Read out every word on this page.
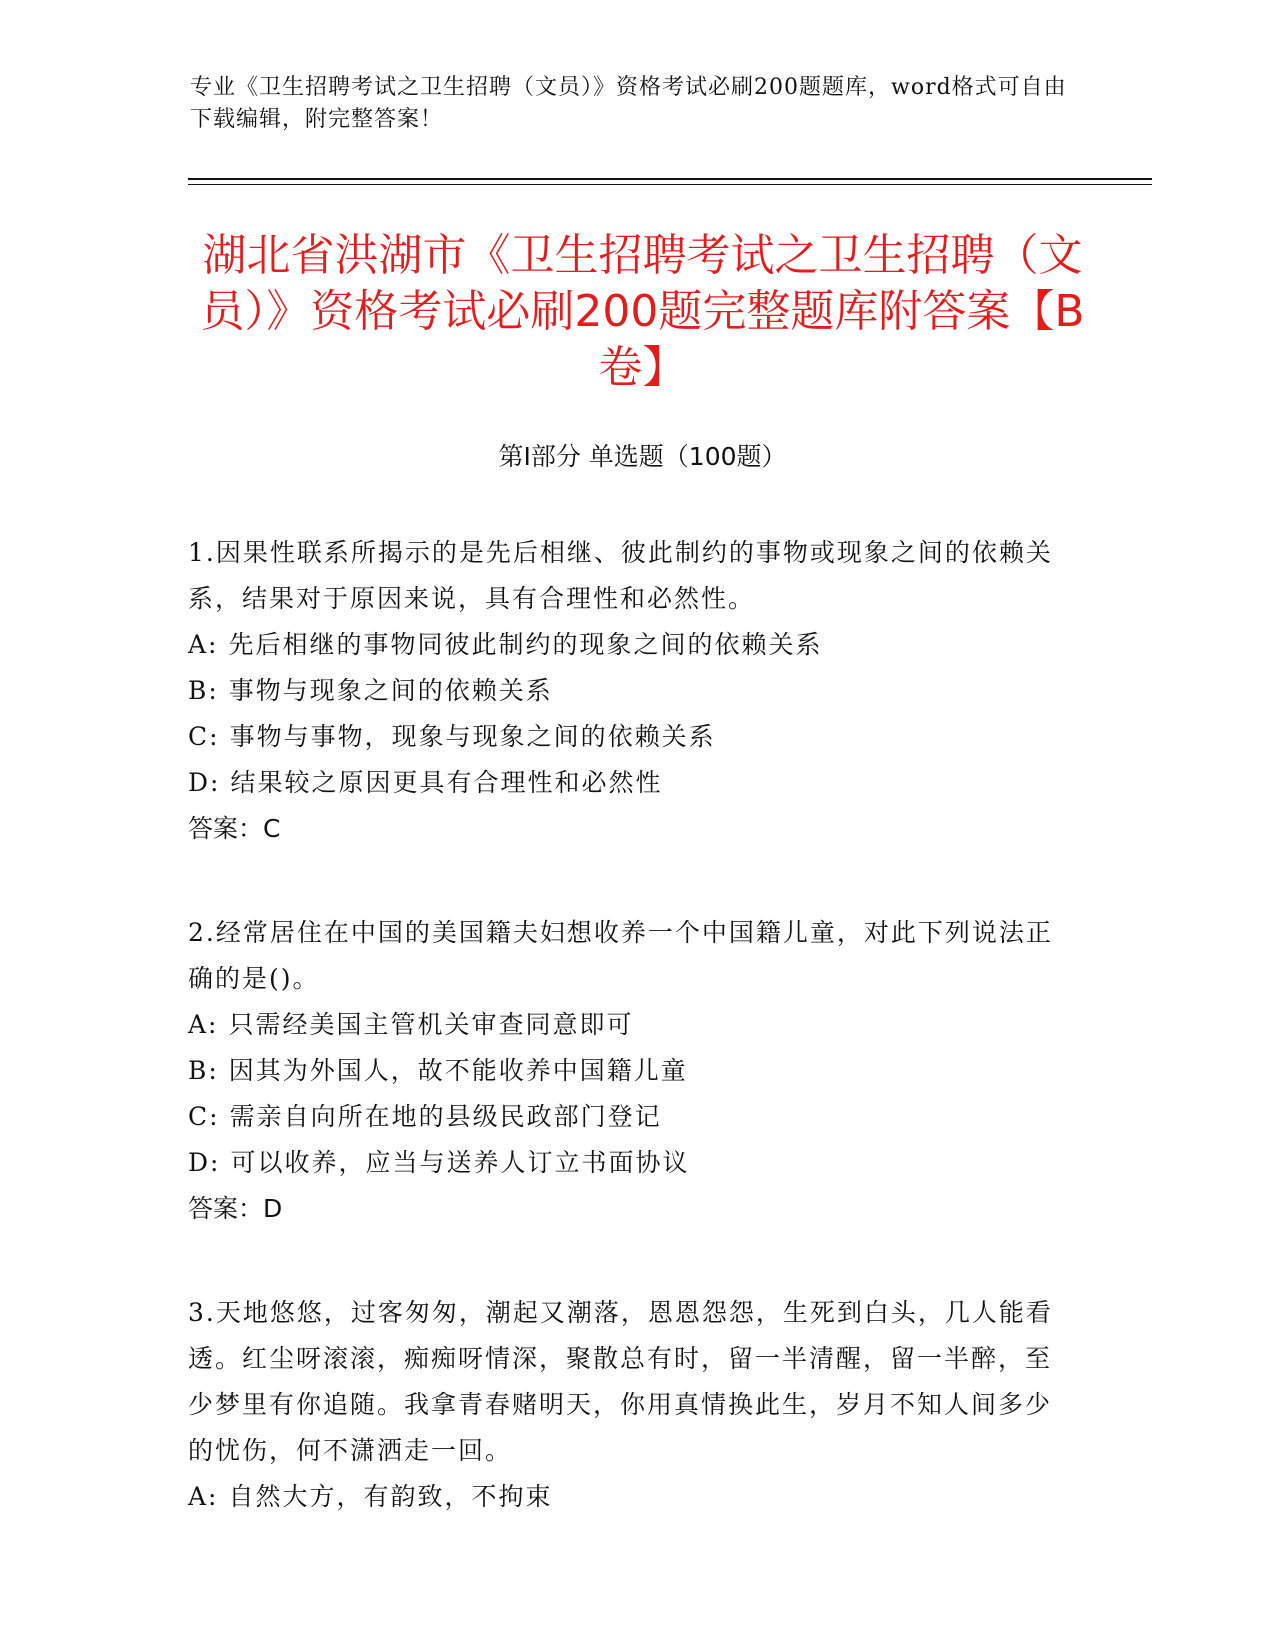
专业《卫生招聘考试之卫生招聘（文员）》资格考试必刷200题题库，word格式可自由下载编辑，附完整答案！
湖北省洪湖市《卫生招聘考试之卫生招聘（文员）》资格考试必刷200题完整题库附答案【B卷】
第Ⅰ部分 单选题（100题）

1.因果性联系所揭示的是先后相继、彼此制约的事物或现象之间的依赖关系，结果对于原因来说，具有合理性和必然性。

A: 先后相继的事物同彼此制约的现象之间的依赖关系

B: 事物与现象之间的依赖关系

C: 事物与事物，现象与现象之间的依赖关系

D: 结果较之原因更具有合理性和必然性

答案：C

2.经常居住在中国的美国籍夫妇想收养一个中国籍儿童，对此下列说法正确的是()。

A: 只需经美国主管机关审查同意即可

B: 因其为外国人，故不能收养中国籍儿童

C: 需亲自向所在地的县级民政部门登记

D: 可以收养，应当与送养人订立书面协议

答案：D

3.天地悠悠，过客匆匆，潮起又潮落，恩恩怨怨，生死到白头，几人能看透。红尘呀滚滚，痴痴呀情深，聚散总有时，留一半清醒，留一半醉，至少梦里有你追随。我拿青春赌明天，你用真情换此生，岁月不知人间多少的忧伤，何不潇洒走一回。

A: 自然大方，有韵致，不拘束
